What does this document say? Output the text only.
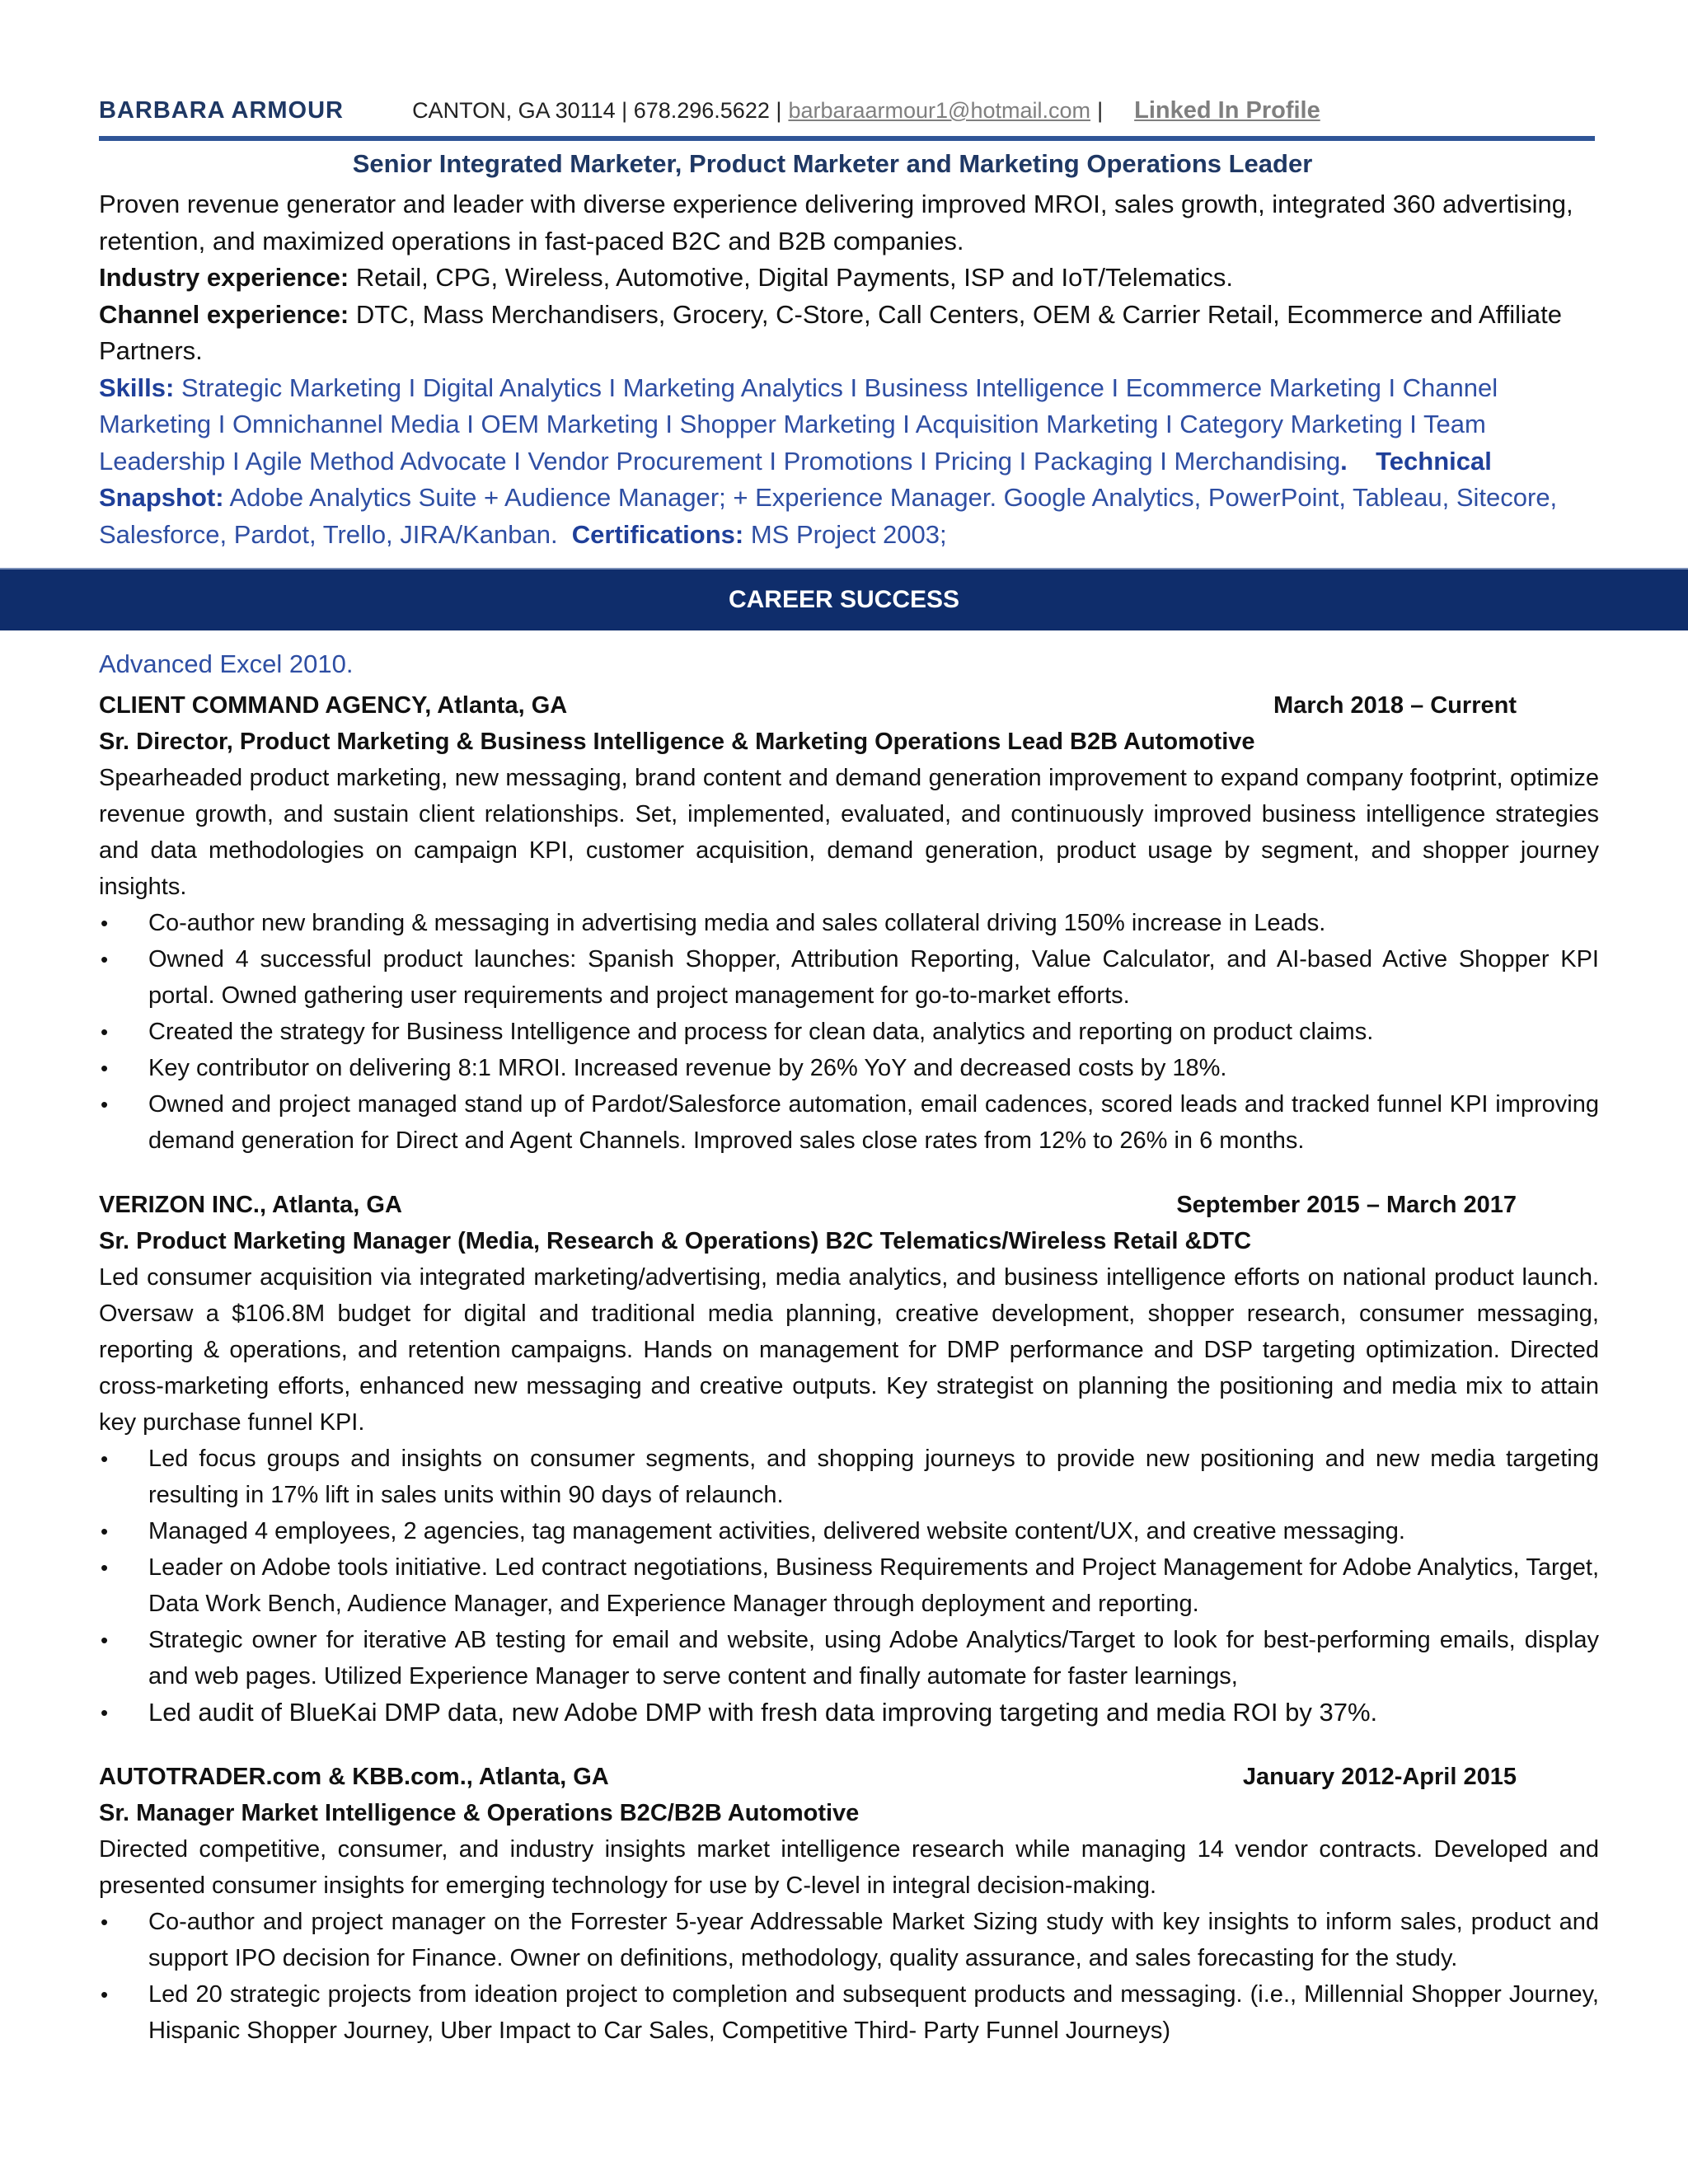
BARBARA ARMOUR	CANTON, GA 30114 | 678.296.5622 | barbaraarmour1@hotmail.com | Linked In Profile
Senior Integrated Marketer, Product Marketer and Marketing Operations Leader

Proven revenue generator and leader with diverse experience delivering improved MROI, sales growth, integrated 360 advertising, retention, and maximized operations in fast-paced B2C and B2B companies.

Industry experience: Retail, CPG, Wireless, Automotive, Digital Payments, ISP and IoT/Telematics.

Channel experience: DTC, Mass Merchandisers, Grocery, C-Store, Call Centers, OEM & Carrier Retail, Ecommerce and Affiliate Partners.

Skills: Strategic Marketing I Digital Analytics I Marketing Analytics I Business Intelligence I Ecommerce Marketing I Channel Marketing I Omnichannel Media I OEM Marketing I Shopper Marketing I Acquisition Marketing I Category Marketing I Team Leadership I Agile Method Advocate I Vendor Procurement I Promotions I Pricing I Packaging I Merchandising. Technical Snapshot: Adobe Analytics Suite + Audience Manager; + Experience Manager. Google Analytics, PowerPoint, Tableau, Sitecore, Salesforce, Pardot, Trello, JIRA/Kanban. Certifications: MS Project 2003;

CAREER SUCCESS
Advanced Excel 2010.
CLIENT COMMAND AGENCY, Atlanta, GA	March 2018 – Current
Sr. Director, Product Marketing & Business Intelligence & Marketing Operations Lead B2B Automotive

Spearheaded product marketing, new messaging, brand content and demand generation improvement to expand company footprint, optimize revenue growth, and sustain client relationships. Set, implemented, evaluated, and continuously improved business intelligence strategies and data methodologies on campaign KPI, customer acquisition, demand generation, product usage by segment, and shopper journey insights.

• Co-author new branding & messaging in advertising media and sales collateral driving 150% increase in Leads.
• Owned 4 successful product launches: Spanish Shopper, Attribution Reporting, Value Calculator, and AI-based Active Shopper KPI portal. Owned gathering user requirements and project management for go-to-market efforts.
• Created the strategy for Business Intelligence and process for clean data, analytics and reporting on product claims.
• Key contributor on delivering 8:1 MROI. Increased revenue by 26% YoY and decreased costs by 18%.
• Owned and project managed stand up of Pardot/Salesforce automation, email cadences, scored leads and tracked funnel KPI improving demand generation for Direct and Agent Channels. Improved sales close rates from 12% to 26% in 6 months.
VERIZON INC., Atlanta, GA	September 2015 – March 2017
Sr. Product Marketing Manager (Media, Research & Operations) B2C Telematics/Wireless Retail &DTC

Led consumer acquisition via integrated marketing/advertising, media analytics, and business intelligence efforts on national product launch. Oversaw a $106.8M budget for digital and traditional media planning, creative development, shopper research, consumer messaging, reporting & operations, and retention campaigns. Hands on management for DMP performance and DSP targeting optimization. Directed cross-marketing efforts, enhanced new messaging and creative outputs. Key strategist on planning the positioning and media mix to attain key purchase funnel KPI.

• Led focus groups and insights on consumer segments, and shopping journeys to provide new positioning and new media targeting resulting in 17% lift in sales units within 90 days of relaunch.
• Managed 4 employees, 2 agencies, tag management activities, delivered website content/UX, and creative messaging.
• Leader on Adobe tools initiative. Led contract negotiations, Business Requirements and Project Management for Adobe Analytics, Target, Data Work Bench, Audience Manager, and Experience Manager through deployment and reporting.
• Strategic owner for iterative AB testing for email and website, using Adobe Analytics/Target to look for best-performing emails, display and web pages. Utilized Experience Manager to serve content and finally automate for faster learnings,
• Led audit of BlueKai DMP data, new Adobe DMP with fresh data improving targeting and media ROI by 37%.
AUTOTRADER.com & KBB.com., Atlanta, GA	January 2012-April 2015
Sr. Manager Market Intelligence & Operations B2C/B2B Automotive

Directed competitive, consumer, and industry insights market intelligence research while managing 14 vendor contracts. Developed and presented consumer insights for emerging technology for use by C-level in integral decision-making.

• Co-author and project manager on the Forrester 5-year Addressable Market Sizing study with key insights to inform sales, product and support IPO decision for Finance. Owner on definitions, methodology, quality assurance, and sales forecasting for the study.
• Led 20 strategic projects from ideation project to completion and subsequent products and messaging. (i.e., Millennial Shopper Journey, Hispanic Shopper Journey, Uber Impact to Car Sales, Competitive Third- Party Funnel Journeys)
